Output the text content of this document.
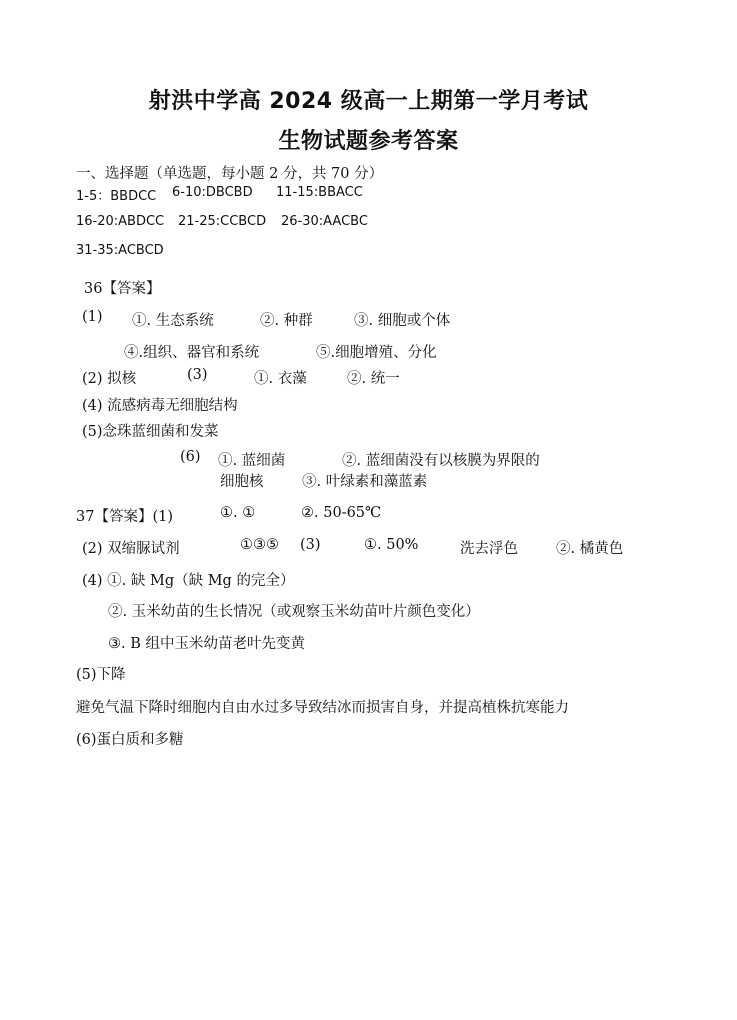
射洪中学高 2024 级高一上期第一学月考试
生物试题参考答案
一、选择题（单选题，每小题 2 分，共 70 分）
1-5：BBDCC 6-10:DBCBD 11-15:BBACC
16-20:ABDCC 21-25:CCBCD 26-30:AACBC
31-35:ACBCD
36【答案】
(1) ①. 生态系统	②. 种群	③. 细胞或个体
④.组织、器官和系统	⑤.细胞增殖、分化
(2) 拟核	(3)	①. 衣藻	②. 统一
(4) 流感病毒无细胞结构
(5)念珠蓝细菌和发菜
(6) ①. 蓝细菌	②. 蓝细菌没有以核膜为界限的
细胞核	③. 叶绿素和藻蓝素
37【答案】(1)	①. ①	②. 50-65℃
(2) 双缩脲试剂	①③⑤ (3)	①. 50%	洗去浮色	②. 橘黄色
(4) ①. 缺 Mg（缺 Mg 的完全）
②. 玉米幼苗的生长情况（或观察玉米幼苗叶片颜色变化）
③. B 组中玉米幼苗老叶先变黄
(5)下降
避免气温下降时细胞内自由水过多导致结冰而损害自身，并提高植株抗寒能力
(6)蛋白质和多糖
